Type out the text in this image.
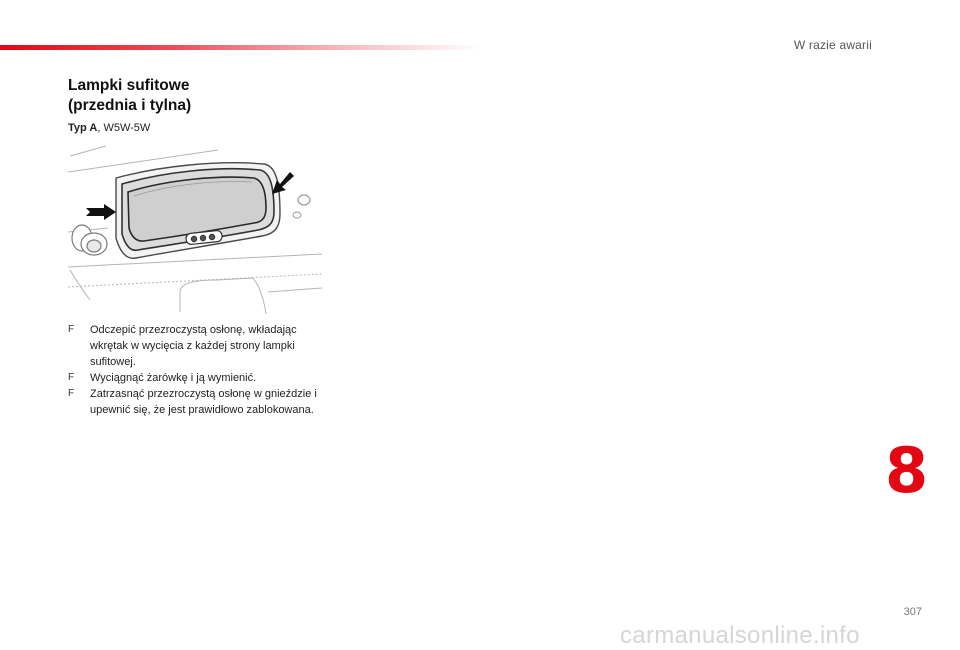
W razie awarii
Lampki sufitowe
(przednia i tylna)
Typ A, W5W-5W
F Odczepić przezroczystą osłonę, wkładając wkrętak w wycięcia z każdej strony lampki sufitowej.
F Wyciągnąć żarówkę i ją wymienić.
F Zatrzasnąć przezroczystą osłonę w gnieździe i upewnić się, że jest prawidłowo zablokowana.
8
307
carmanualsonline.info
